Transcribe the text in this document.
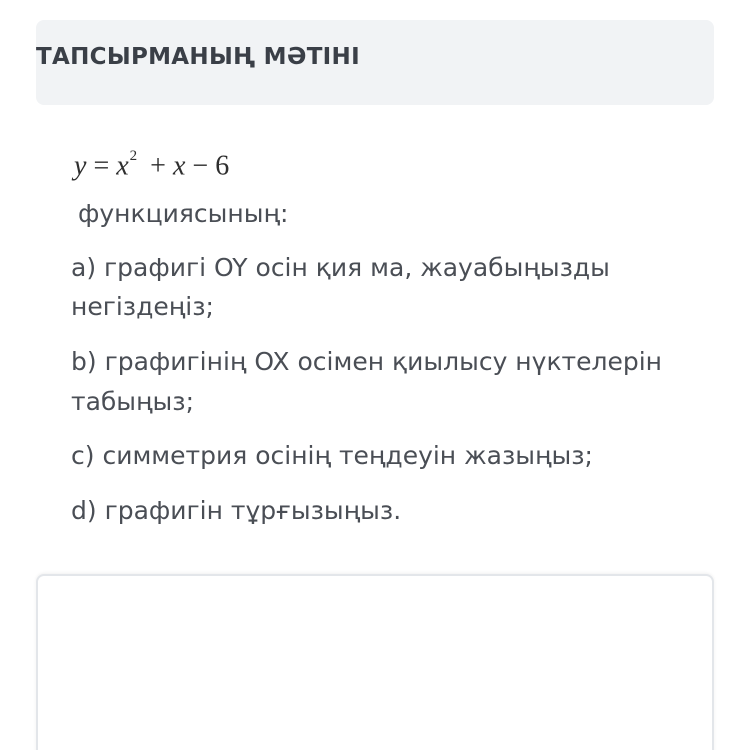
ТАПСЫРМАНЫҢ МӘТІНІ
$y = x^2 + x - 6$

функциясының:

a) графигі OY осін қия ма, жауабыңызды

негіздеңіз;

b) графигінің OX осімен қиылысу нүктелерін

табыңыз;

c) симметрия осінің теңдеуін жазыңыз;

d) графигін тұрғызыңыз.
